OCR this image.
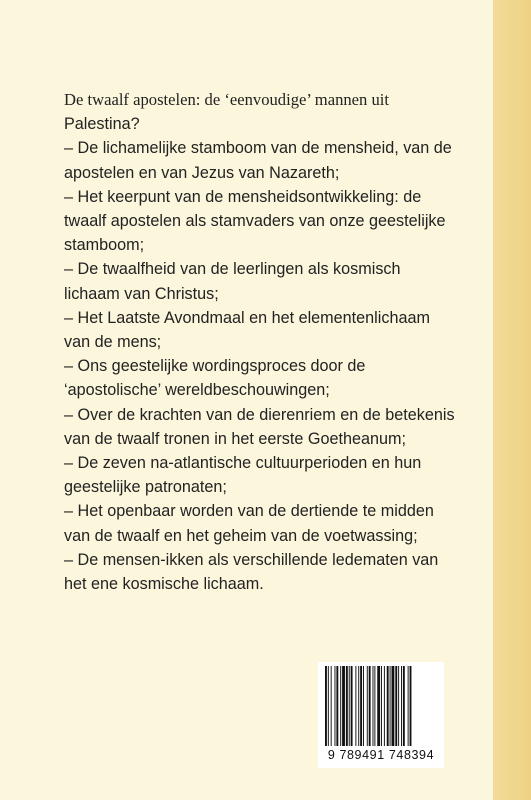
De twaalf apostelen: de ‘eenvoudige’ mannen uit
Palestina?
– De lichamelijke stamboom van de mensheid, van de
apostelen en van Jezus van Nazareth;
– Het keerpunt van de mensheidsontwikkeling: de
twaalf apostelen als stamvaders van onze geestelijke
stamboom;
– De twaalfheid van de leerlingen als kosmisch
lichaam van Christus;
– Het Laatste Avondmaal en het elementenlichaam
van de mens;
– Ons geestelijke wordingsproces door de
‘apostolische’ wereldbeschouwingen;
– Over de krachten van de dierenriem en de betekenis
van de twaalf tronen in het eerste Goetheanum;
– De zeven na-atlantische cultuurperioden en hun
geestelijke patronaten;
– Het openbaar worden van de dertiende te midden
van de twaalf en het geheim van de voetwassing;
– De mensen-ikken als verschillende ledematen van
het ene kosmische lichaam.
9 789491 748394
